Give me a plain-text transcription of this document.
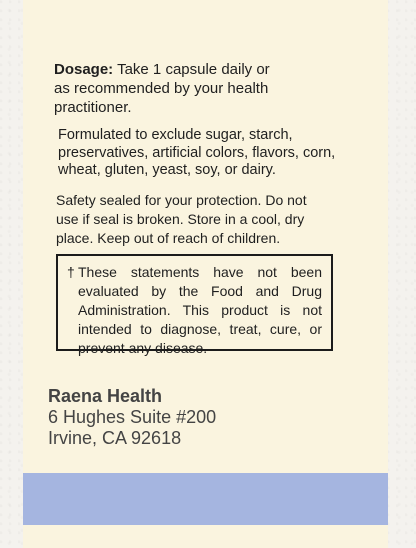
Dosage: Take 1 capsule daily or
as recommended by your health
practitioner.
Formulated to exclude sugar, starch,
preservatives, artificial colors, flavors, corn,
wheat, gluten, yeast, soy, or dairy.
Safety sealed for your protection. Do not
use if seal is broken. Store in a cool, dry
place. Keep out of reach of children.
† These statements have not been evaluated by the Food and Drug Administration. This product is not intended to diagnose, treat, cure, or prevent any disease.
Raena Health
6 Hughes Suite #200
Irvine, CA 92618
